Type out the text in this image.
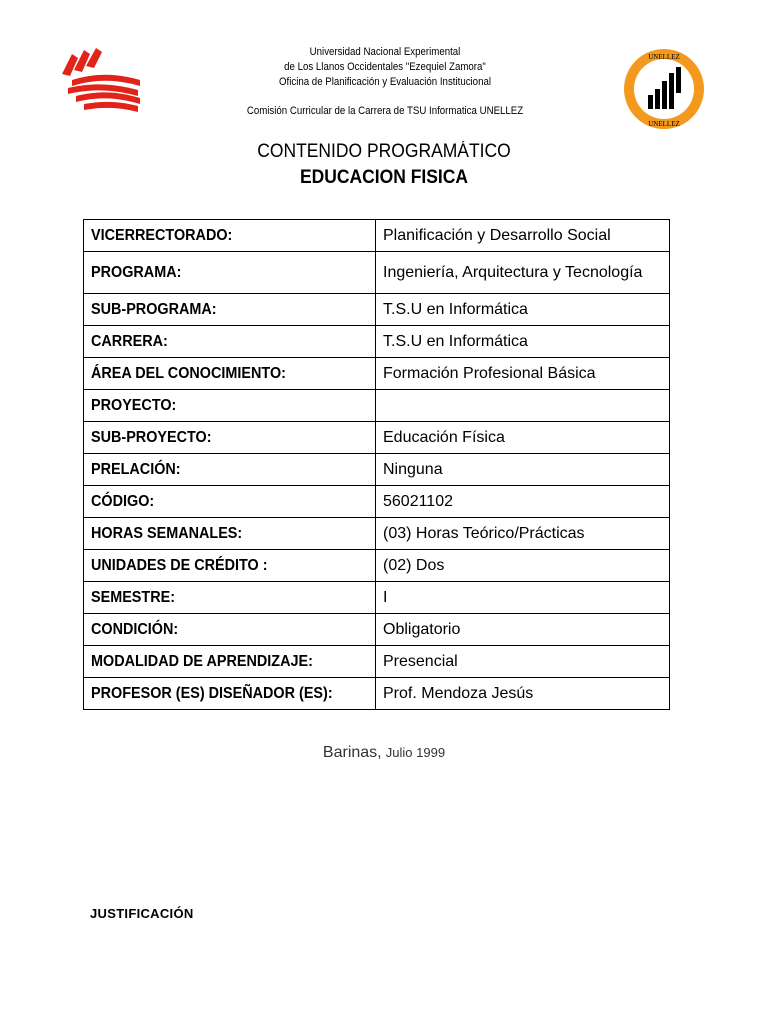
UNELLEZ
UNELLEZ
Universidad Nacional Experimental
de Los Llanos Occidentales "Ezequiel Zamora"
Oficina de Planificación y Evaluación Institucional
Comisión Curricular de la Carrera de TSU Informatica UNELLEZ
CONTENIDO PROGRAMÁTICO
EDUCACION FISICA
VICERRECTORADO:	Planificación y Desarrollo Social
PROGRAMA:	Ingeniería, Arquitectura y Tecnología
SUB-PROGRAMA:	T.S.U en Informática
CARRERA:	T.S.U en Informática
ÁREA DEL CONOCIMIENTO:	Formación Profesional Básica
PROYECTO:	
SUB-PROYECTO:	Educación Física
PRELACIÓN:	Ninguna
CÓDIGO:	56021102
HORAS SEMANALES:	(03) Horas Teórico/Prácticas
UNIDADES DE CRÉDITO :	(02) Dos
SEMESTRE:	I
CONDICIÓN:	Obligatorio
MODALIDAD DE APRENDIZAJE:	Presencial
PROFESOR (ES) DISEÑADOR (ES):	Prof. Mendoza Jesús
Barinas, Julio 1999
JUSTIFICACIÓN
